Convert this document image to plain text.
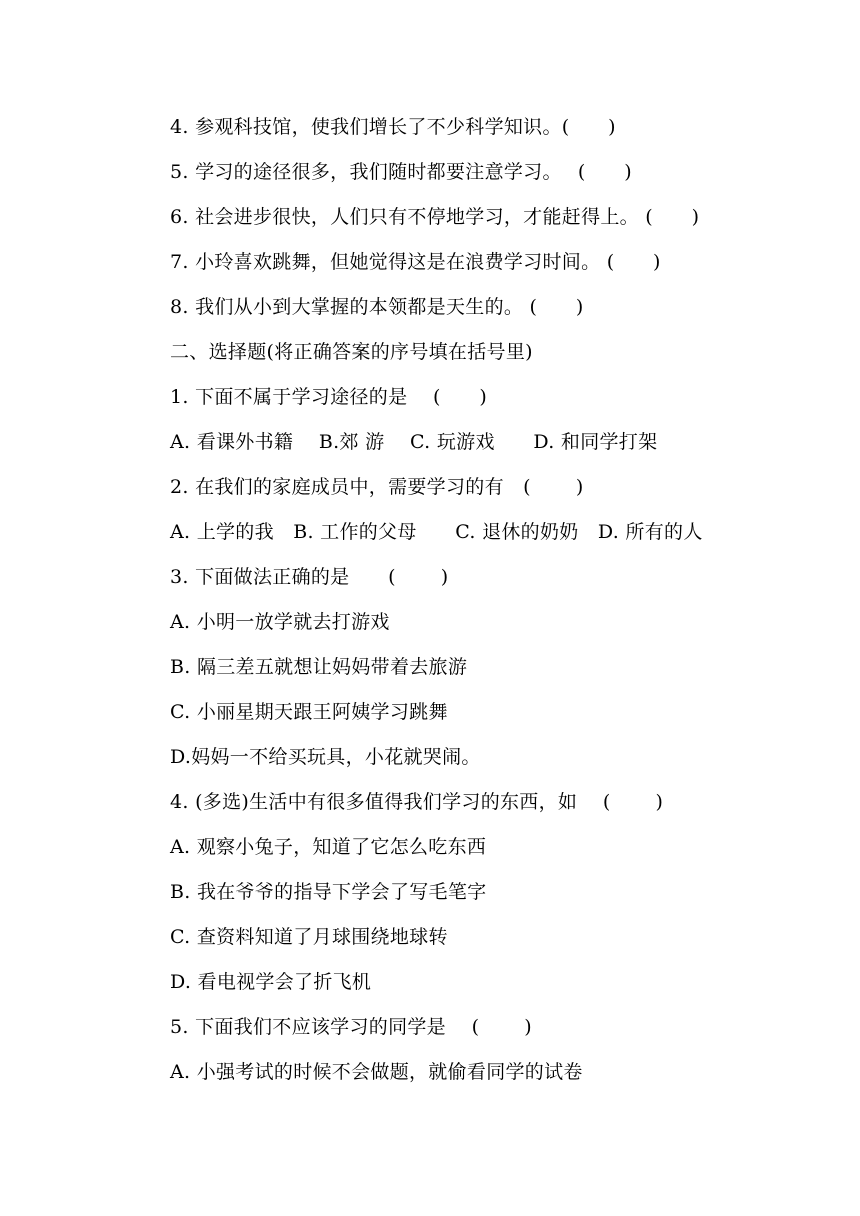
4. 参观科技馆，使我们增长了不少科学知识。(　　)
5. 学习的途径很多，我们随时都要注意学习。　 (　　)
6. 社会进步很快，人们只有不停地学习，才能赶得上。 (　　)
7. 小玲喜欢跳舞，但她觉得这是在浪费学习时间。 (　　)
8. 我们从小到大掌握的本领都是天生的。 (　　)
二、选择题(将正确答案的序号填在括号里)
1. 下面不属于学习途径的是　 (　　)
A. 看课外书籍　 B.郊 游　 C. 玩游戏　　D. 和同学打架
2. 在我们的家庭成员中，需要学习的有　(　　 )
A. 上学的我　B. 工作的父母　　C. 退休的奶奶　D. 所有的人
3. 下面做法正确的是　　(　　 )
A. 小明一放学就去打游戏
B. 隔三差五就想让妈妈带着去旅游
C. 小丽星期天跟王阿姨学习跳舞
D.妈妈一不给买玩具，小花就哭闹。
4. (多选)生活中有很多值得我们学习的东西，如　 (　　 )
A. 观察小兔子，知道了它怎么吃东西
B. 我在爷爷的指导下学会了写毛笔字
C. 查资料知道了月球围绕地球转
D. 看电视学会了折飞机
5. 下面我们不应该学习的同学是　 (　　 )
A. 小强考试的时候不会做题，就偷看同学的试卷
